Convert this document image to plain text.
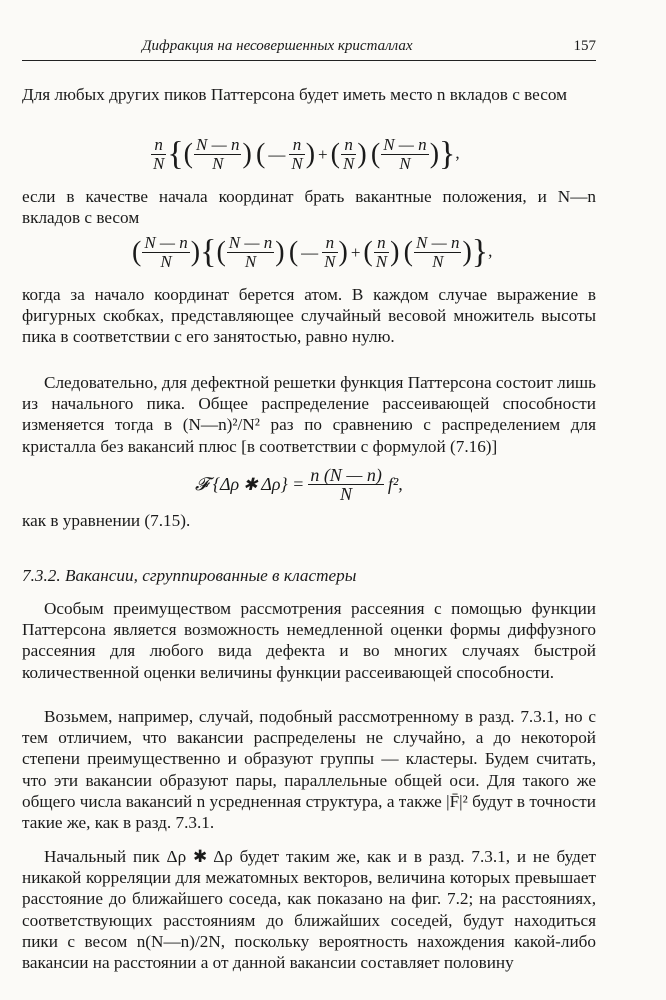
Дифракция на несовершенных кристаллах	157
Для любых других пиков Паттерсона будет иметь место n вкладов с весом
$\frac{n}{N}$ {( $\frac{N — n}{N}$ ) ( — $\frac{n}{N}$ ) + ( $\frac{n}{N}$ ) ( $\frac{N — n}{N}$ )},
если в качестве начала координат брать вакантные положения, и N—n вкладов с весом
( $\frac{N — n}{N}$ ){( $\frac{N — n}{N}$ ) ( — $\frac{n}{N}$ ) + ( $\frac{n}{N}$ ) ( $\frac{N — n}{N}$ )},
когда за начало координат берется атом. В каждом случае выражение в фигурных скобках, представляющее случайный весовой множитель высоты пика в соответствии с его занятостью, равно нулю.
Следовательно, для дефектной решетки функция Паттерсона состоит лишь из начального пика. Общее распределение рассеивающей способности изменяется тогда в (N—n)²/N² раз по сравнению с распределением для кристалла без вакансий плюс [в соответствии с формулой (7.16)]
𝓕 {Δρ ✱ $\Delta\rho\} = \frac{n (N — n)}{N} f^2$,
как в уравнении (7.15).
7.3.2. Вакансии, сгруппированные в кластеры
Особым преимуществом рассмотрения рассеяния с помощью функции Паттерсона является возможность немедленной оценки формы диффузного рассеяния для любого вида дефекта и во многих случаях быстрой количественной оценки величины функции рассеивающей способности.
Возьмем, например, случай, подобный рассмотренному в разд. 7.3.1, но с тем отличием, что вакансии распределены не случайно, а до некоторой степени преимущественно и образуют группы — кластеры. Будем считать, что эти вакансии образуют пары, параллельные общей оси. Для такого же общего числа вакансий n усредненная структура, а также |F̄|² будут в точности такие же, как в разд. 7.3.1.
Начальный пик Δρ ✱ Δρ будет таким же, как и в разд. 7.3.1, и не будет никакой корреляции для межатомных векторов, величина которых превышает расстояние до ближайшего соседа, как показано на фиг. 7.2; на расстояниях, соответствующих расстояниям до ближайших соседей, будут находиться пики с весом n(N—n)/2N, поскольку вероятность нахождения какой-либо вакансии на расстоянии a от данной вакансии составляет половину
